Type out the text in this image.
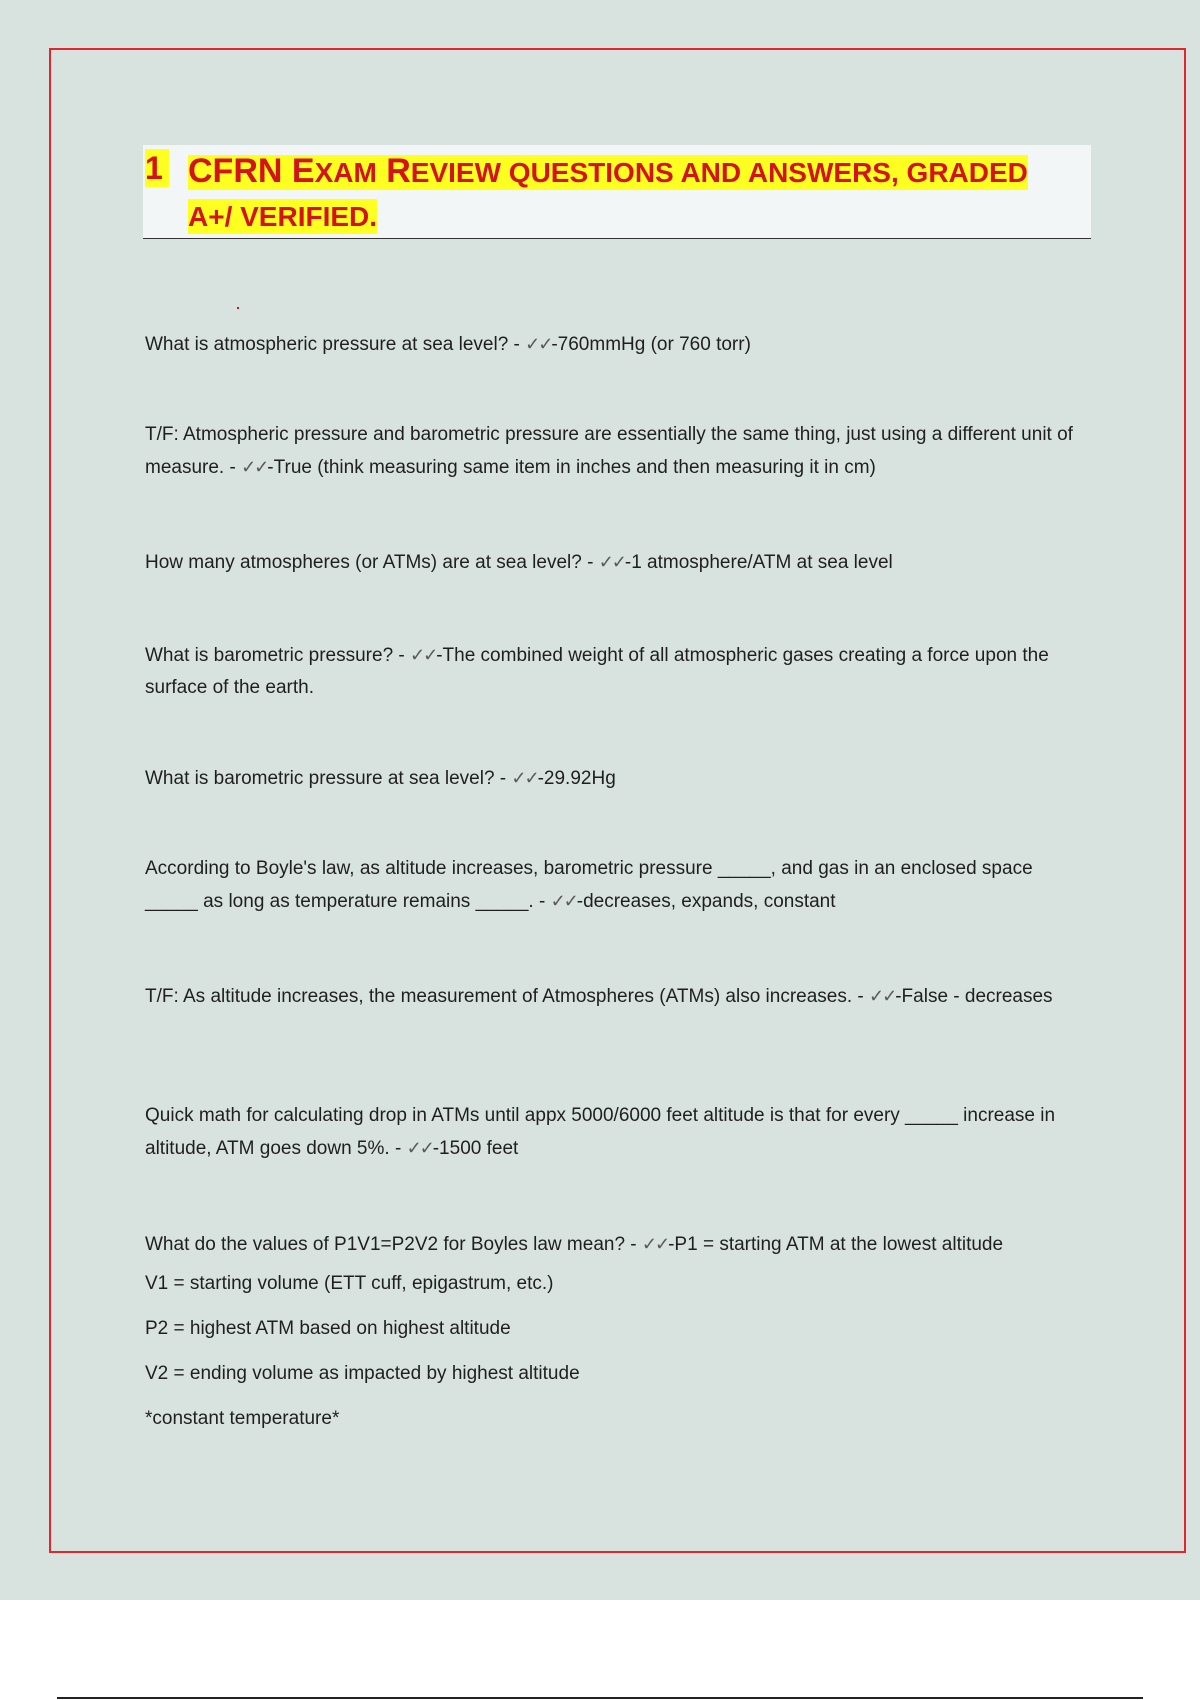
1 CFRN EXAM REVIEW QUESTIONS AND ANSWERS, GRADED
A+/ VERIFIED.
What is atmospheric pressure at sea level? - ✓✓-760mmHg (or 760 torr)
T/F: Atmospheric pressure and barometric pressure are essentially the same thing, just using a different unit of measure. - ✓✓-True (think measuring same item in inches and then measuring it in cm)
How many atmospheres (or ATMs) are at sea level? - ✓✓-1 atmosphere/ATM at sea level
What is barometric pressure? - ✓✓-The combined weight of all atmospheric gases creating a force upon the surface of the earth.
What is barometric pressure at sea level? - ✓✓-29.92Hg
According to Boyle's law, as altitude increases, barometric pressure _____, and gas in an enclosed space _____ as long as temperature remains _____. - ✓✓-decreases, expands, constant
T/F: As altitude increases, the measurement of Atmospheres (ATMs) also increases. - ✓✓-False - decreases
Quick math for calculating drop in ATMs until appx 5000/6000 feet altitude is that for every _____ increase in altitude, ATM goes down 5%. - ✓✓-1500 feet
What do the values of P1V1=P2V2 for Boyles law mean? - ✓✓-P1 = starting ATM at the lowest altitude
V1 = starting volume (ETT cuff, epigastrum, etc.)
P2 = highest ATM based on highest altitude
V2 = ending volume as impacted by highest altitude
*constant temperature*
